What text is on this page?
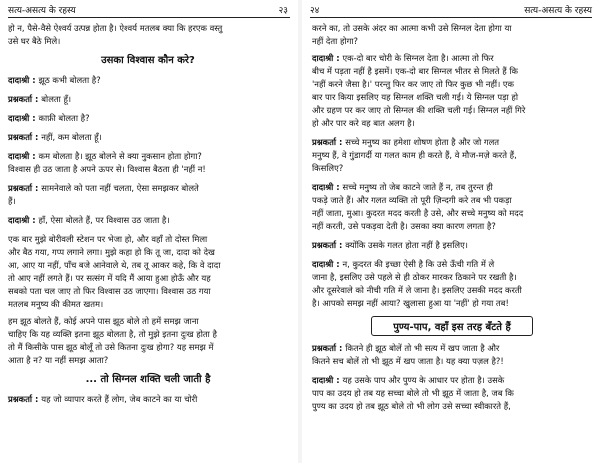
सत्य-असत्य के रहस्य	२३

हो न, पैसे-वैसे ऐश्वर्य उत्पन्न होता है। ऐश्वर्य मतलब क्या कि हरएक वस्तु
उसे घर बैठे मिले।

उसका विश्वास कौन करे?

दादाश्री : झूठ कभी बोलता है?

प्रश्नकर्ता : बोलता हूँ।

दादाश्री : काफ़ी बोलता है?

प्रश्नकर्ता : नहीं, कम बोलता हूँ।

दादाश्री : कम बोलता है। झूठ बोलने से क्या नुकसान होता होगा?
विश्वास ही उठ जाता है अपने ऊपर से। विश्वास बैठता ही 'नहीं न!

प्रश्नकर्ता : सामनेवाले को पता नहीं चलता, ऐसा समझकर बोलते
हैं।

दादाश्री : हाँ, ऐसा बोलते हैं, पर विश्वास उठ जाता है।

एक बार मुझे बोरीवली स्टेशन पर भेजा हो, और वहाँ तो दोस्त मिला
और बैठ गया, गप्प लगाने लगा। मुझे कहा हो कि तू जा, दादा को देख
आ, आए या नहीं, पाँच बजे आनेवाले थे, तब तू आकर कहे, कि वे दादा
तो आए नहीं लगते हैं। पर सत्संग में यदि मैं आया हुआ होऊँ और यह
सबको पता चल जाए तो फिर विश्वास उठ जाएगा। विश्वास उठ गया
मतलब मनुष्य की कीमत खतम।

हम झूठ बोलते हैं, कोई अपने पास झूठ बोले तो हमें समझ जाना
चाहिए कि यह व्यक्ति इतना झूठ बोलता है, तो मुझे इतना दुःख होता है
तो मैं किसीके पास झूठ बोलूँ तो उसे कितना दुःख होगा? यह समझ में
आता है न? या नहीं समझ आता?

... तो सिग्नल शक्ति चली जाती है

प्रश्नकर्ता : यह जो व्यापार करते हैं लोग, जेब काटने का या चोरी

२४	सत्य-असत्य के रहस्य

करने का, तो उसके अंदर का आत्मा कभी उसे सिग्नल देता होगा या
नहीं देता होगा?

दादाश्री : एक-दो बार चोरी के सिग्नल देता है। आत्मा तो फिर
बीच में पड़ता नहीं है इसमें। एक-दो बार सिग्नल भीतर से मिलते हैं कि
'नहीं करने जैसा है।' परन्तु फिर कर जाए तो फिर कुछ भी नहीं। एक
बार पार किया इसलिए यह सिग्नल शक्ति चली गई। ये सिग्नल पड़ा हो
और ग्रहण पर कर जाए तो सिग्नल की शक्ति चली गई। सिग्नल नहीं गिरे
हो और पार करे वह बात अलग है।

प्रश्नकर्ता : सच्चे मनुष्य का हमेशा शोषण होता है और जो गलत
मनुष्य हैं, वे गुंडागर्दी या गलत काम ही करते हैं, वे मौज-मज़े करते हैं,
किसलिए?

दादाश्री : सच्चे मनुष्य तो जेब काटने जाते हैं न, तब तुरन्त ही
पकड़े जाते हैं। और गलत व्यक्ति तो पूरी ज़िन्दगी करे तब भी पकड़ा
नहीं जाता, मुआ। कुदरत मदद करती है उसे, और सच्चे मनुष्य को मदद
नहीं करती, उसे पकड़वा देती है। उसका क्या कारण लगता है?

प्रश्नकर्ता : क्योंकि उसके गलत होता नहीं है इसलिए।

दादाश्री : न, कुदरत की इच्छा ऐसी है कि उसे ऊँची गति में ले
जाना है, इसलिए उसे पहले से ही ठोकर मारकर ठिकाने पर रखती है।
और दूसरेवाले को नीची गति में ले जाना है। इसलिए उसकी मदद करती
है। आपको समझ नहीं आया? खुलासा हुआ या 'नहीं' हो गया तब!

पुण्य-पाप, वहाँ इस तरह बँटते हैं

प्रश्नकर्ता : कितने ही झूठ बोलें तो भी सत्य में खप जाता है और
कितने सच बोलें तो भी झूठ में खप जाता है। यह क्या पज़ल है?!

दादाश्री : यह उसके पाप और पुण्य के आधार पर होता है। उसके
पाप का उदय हो तब यह सच्चा बोले तो भी झूठ में जाता है, जब कि
पुण्य का उदय हो तब झूठ बोले तो भी लोग उसे सच्चा स्वीकारते हैं,
